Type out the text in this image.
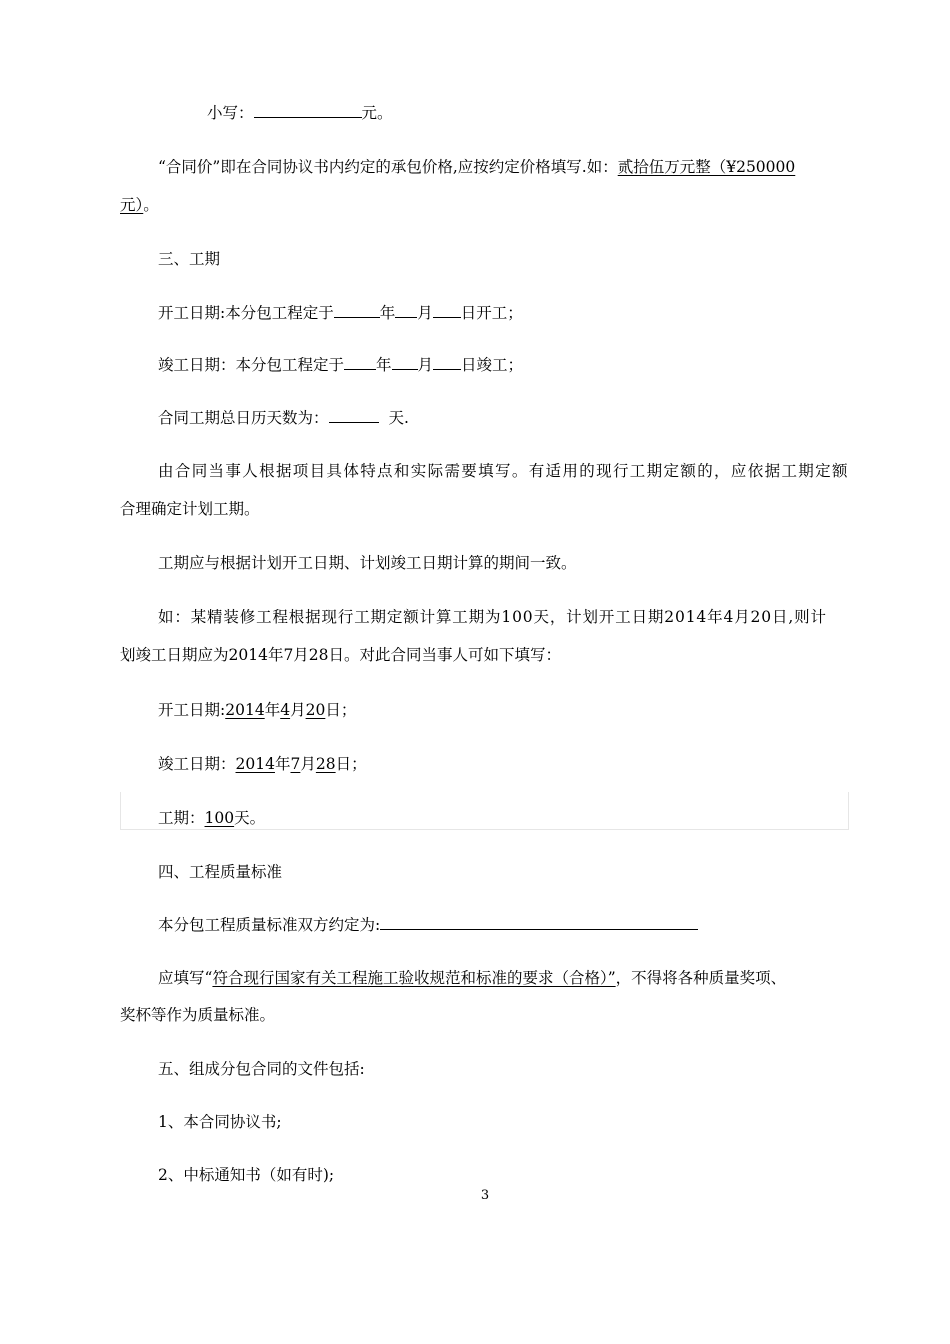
小写：	元。
“合同价”即在合同协议书内约定的承包价格,应按约定价格填写.如：贰拾伍万元整（¥250000
元）。
三、工期
开工日期:本分包工程定于	年 月 日开工；
竣工日期：本分包工程定于 年 月 日竣工；
合同工期总日历天数为：	天.
由合同当事人根据项目具体特点和实际需要填写。有适用的现行工期定额的，应依据工期定额
合理确定计划工期。
工期应与根据计划开工日期、计划竣工日期计算的期间一致。
如：某精装修工程根据现行工期定额计算工期为100天，计划开工日期2014年4月20日,则计
划竣工日期应为2014年7月28日。对此合同当事人可如下填写：
开工日期:2014年4月20日；
竣工日期：2014年7月28日；
工期：100天。
四、工程质量标准
本分包工程质量标准双方约定为:
应填写“符合现行国家有关工程施工验收规范和标准的要求（合格）”，不得将各种质量奖项、
奖杯等作为质量标准。
五、组成分包合同的文件包括:
1、本合同协议书;
2、中标通知书（如有时);
3
